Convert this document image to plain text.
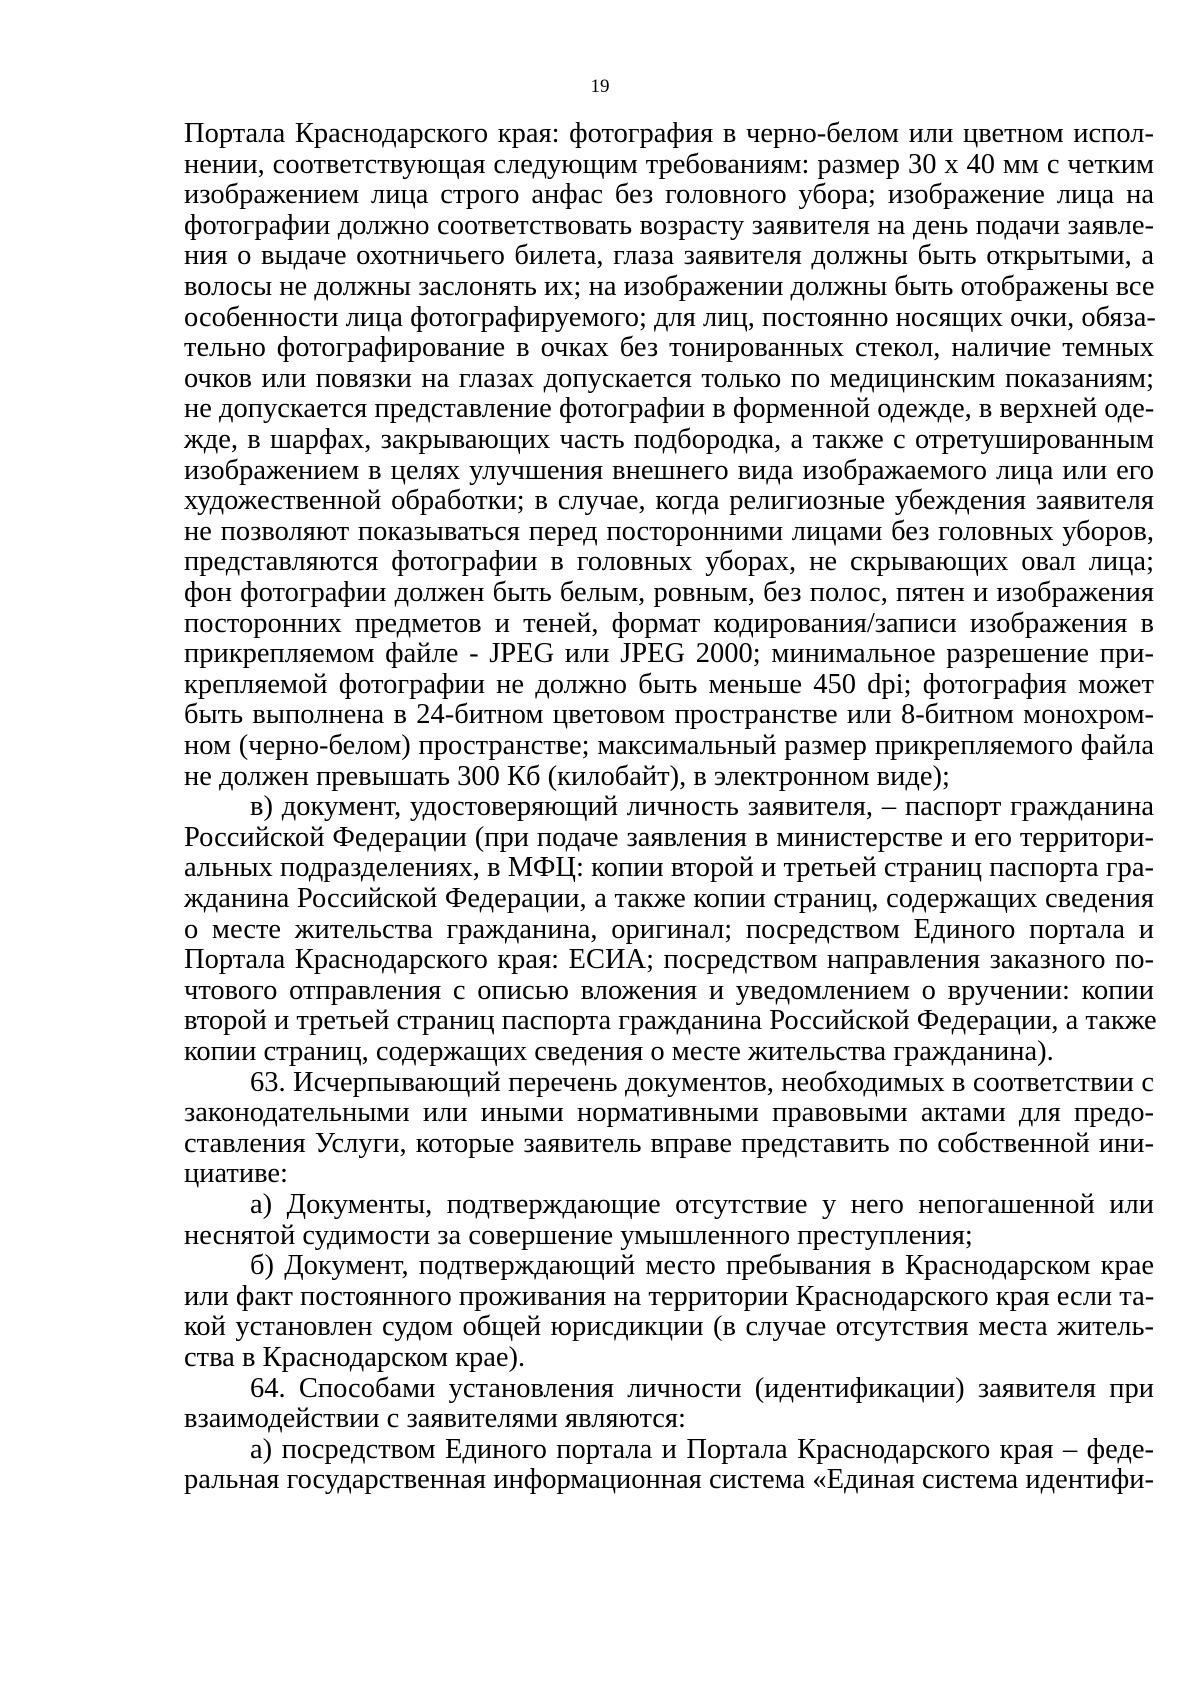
19
Портала Краснодарского края: фотография в черно-белом или цветном испол-
нении, соответствующая следующим требованиям: размер 30 х 40 мм с четким
изображением лица строго анфас без головного убора; изображение лица на
фотографии должно соответствовать возрасту заявителя на день подачи заявле-
ния о выдаче охотничьего билета, глаза заявителя должны быть открытыми, а
волосы не должны заслонять их; на изображении должны быть отображены все
особенности лица фотографируемого; для лиц, постоянно носящих очки, обяза-
тельно фотографирование в очках без тонированных стекол, наличие темных
очков или повязки на глазах допускается только по медицинским показаниям;
не допускается представление фотографии в форменной одежде, в верхней оде-
жде, в шарфах, закрывающих часть подбородка, а также с отретушированным
изображением в целях улучшения внешнего вида изображаемого лица или его
художественной обработки; в случае, когда религиозные убеждения заявителя
не позволяют показываться перед посторонними лицами без головных уборов,
представляются фотографии в головных уборах, не скрывающих овал лица;
фон фотографии должен быть белым, ровным, без полос, пятен и изображения
посторонних предметов и теней, формат кодирования/записи изображения в
прикрепляемом файле - JPEG или JPEG 2000; минимальное разрешение при-
крепляемой фотографии не должно быть меньше 450 dpi; фотография может
быть выполнена в 24-битном цветовом пространстве или 8-битном монохром-
ном (черно-белом) пространстве; максимальный размер прикрепляемого файла
не должен превышать 300 Кб (килобайт), в электронном виде);
в) документ, удостоверяющий личность заявителя, – паспорт гражданина
Российской Федерации (при подаче заявления в министерстве и его территори-
альных подразделениях, в МФЦ: копии второй и третьей страниц паспорта гра-
жданина Российской Федерации, а также копии страниц, содержащих сведения
о месте жительства гражданина, оригинал; посредством Единого портала и
Портала Краснодарского края: ЕСИА; посредством направления заказного по-
чтового отправления с описью вложения и уведомлением о вручении: копии
второй и третьей страниц паспорта гражданина Российской Федерации, а также
копии страниц, содержащих сведения о месте жительства гражданина).
63. Исчерпывающий перечень документов, необходимых в соответствии с
законодательными или иными нормативными правовыми актами для предо-
ставления Услуги, которые заявитель вправе представить по собственной ини-
циативе:
а) Документы, подтверждающие отсутствие у него непогашенной или
неснятой судимости за совершение умышленного преступления;
б) Документ, подтверждающий место пребывания в Краснодарском крае
или факт постоянного проживания на территории Краснодарского края если та-
кой установлен судом общей юрисдикции (в случае отсутствия места житель-
ства в Краснодарском крае).
64. Способами установления личности (идентификации) заявителя при
взаимодействии с заявителями являются:
а) посредством Единого портала и Портала Краснодарского края – феде-
ральная государственная информационная система «Единая система идентифи-
